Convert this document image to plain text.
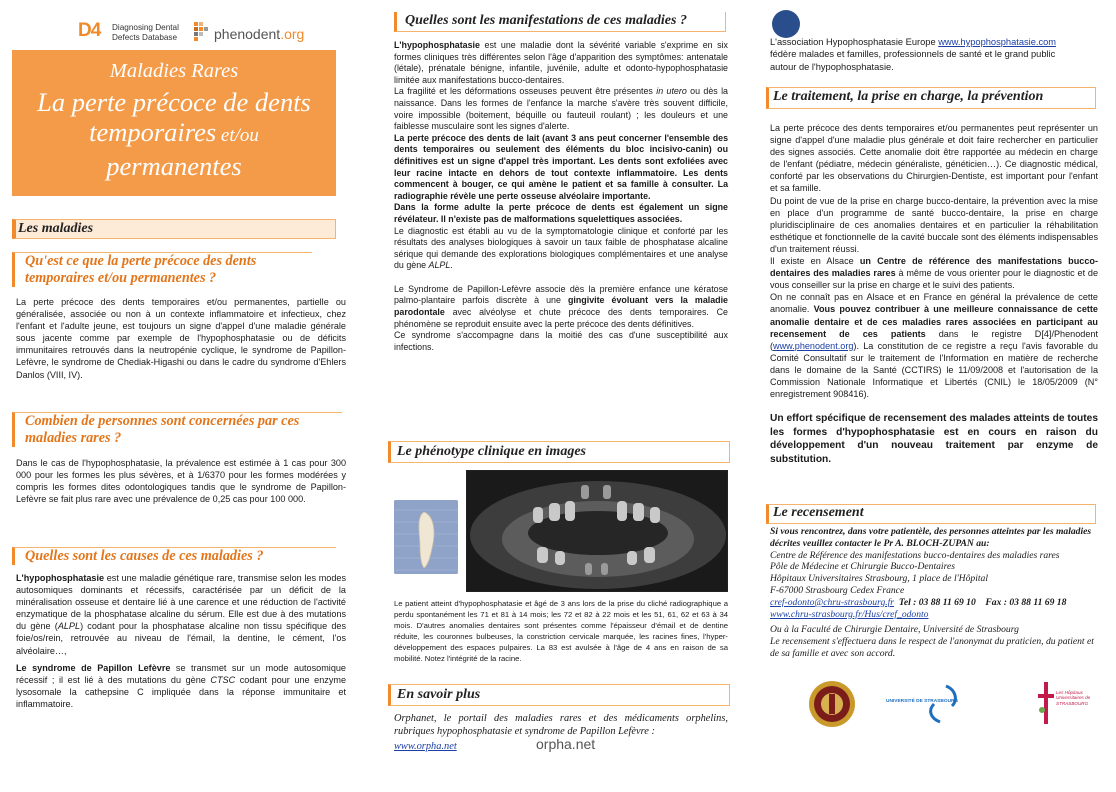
D4 Diagnosing Dental Defects Database	phenodent.org
Maladies Rares
La perte précoce de dents
temporaires et/ou
permanentes
Les maladies
Qu'est ce que la perte précoce des dents temporaires et/ou permanentes ?
La perte précoce des dents temporaires et/ou permanentes, partielle ou généralisée, associée ou non à un contexte inflammatoire et infectieux, chez l'enfant et l'adulte jeune, est toujours un signe d'appel d'une maladie générale sous jacente comme par exemple de l'hypophosphatasie ou de déficits immunitaires retrouvés dans la neutropénie cyclique, le syndrome de Papillon-Lefèvre, le syndrome de Chediak-Higashi ou dans le cadre du syndrome d'Ehlers Danlos (VIII, IV).
Combien de personnes sont concernées par ces maladies rares ?
Dans le cas de l'hypophosphatasie, la prévalence est estimée à 1 cas pour 300 000 pour les formes les plus sévères, et à 1/6370 pour les formes modérées y compris les formes dites odontologiques tandis que le syndrome de Papillon-Lefèvre se fait plus rare avec une prévalence de 0,25 cas pour 100 000.
Quelles sont les causes de ces maladies ?

L'hypophosphatasie est une maladie génétique rare, transmise selon les modes autosomiques dominants et récessifs, caractérisée par un déficit de la minéralisation osseuse et dentaire lié à une carence et une réduction de l'activité enzymatique de la phosphatase alcaline du sérum. Elle est due à des mutations du gène (ALPL) codant pour la phosphatase alcaline non tissu spécifique des foie/os/rein, retrouvée au niveau de l'émail, la dentine, le cément, l'os alvéolaire…,

Le syndrome de Papillon Lefèvre se transmet sur un mode autosomique récessif ; il est lié à des mutations du gène CTSC codant pour une enzyme lysosomale la cathepsine C impliquée dans la réponse immunitaire et inflammatoire.

Quelles sont les manifestations de ces maladies ?

L'hypophosphatasie est une maladie dont la sévérité variable s'exprime en six formes cliniques très différentes selon l'âge d'apparition des symptômes: antenatale (létale), prénatale bénigne, infantile, juvénile, adulte et odonto-hypophosphatasie limitée aux manifestations bucco-dentaires.

La fragilité et les déformations osseuses peuvent être présentes in utero ou dès la naissance. Dans les formes de l'enfance la marche s'avère très souvent difficile, voire impossible (boitement, béquille ou fauteuil roulant) ; les douleurs et une faiblesse musculaire sont les signes d'alerte.

La perte précoce des dents de lait (avant 3 ans peut concerner l'ensemble des dents temporaires ou seulement des éléments du bloc incisivo-canin) ou définitives est un signe d'appel très important. Les dents sont exfoliées avec leur racine intacte en dehors de tout contexte inflammatoire. Les dents commencent à bouger, ce qui amène le patient et sa famille à consulter. La radiographie révèle une perte osseuse alvéolaire importante.

Dans la forme adulte la perte précoce de dents est également un signe révélateur. Il n'existe pas de malformations squelettiques associées.

Le diagnostic est établi au vu de la symptomatologie clinique et conforté par les résultats des analyses biologiques à savoir un taux faible de phosphatase alcaline sérique qui demande des explorations biologiques complémentaires et une analyse du gène ALPL.

Le Syndrome de Papillon-Lefèvre associe dès la première enfance une kératose palmo-plantaire parfois discrète à une gingivite évoluant vers la maladie parodontale avec alvéolyse et chute précoce des dents temporaires. Ce phénomène se reproduit ensuite avec la perte précoce des dents définitives.

Ce syndrome s'accompagne dans la moitié des cas d'une susceptibilité aux infections.

Le phénotype clinique en images
Le patient atteint d'hypophosphatasie et âgé de 3 ans lors de la prise du cliché radiographique a perdu spontanément les 71 et 81 à 14 mois; les 72 et 82 à 22 mois et les 51, 61, 62 et 63 à 34 mois. D'autres anomalies dentaires sont présentes comme l'épaisseur d'émail et de dentine réduite, les couronnes bulbeuses, la constriction cervicale marquée, les racines fines, l'hyper-développement des espaces pulpaires. La 83 est avulsée à l'âge de 4 ans en raison de sa mobilité. Notez l'intégrité de la racine.
En savoir plus
Orphanet, le portail des maladies rares et des médicaments orphelins, rubriques hypophosphatasie et syndrome de Papillon Lefèvre :
www.orpha.net	orpha.net
L'association Hypophosphatasie Europe www.hypophosphatasie.com fédère malades et familles, professionnels de santé et le grand public autour de l'hypophosphatasie.
Le traitement, la prise en charge, la prévention

La perte précoce des dents temporaires et/ou permanentes peut représenter un signe d'appel d'une maladie plus générale et doit faire rechercher en particulier des signes associés. Cette anomalie doit être rapportée au médecin en charge de l'enfant (pédiatre, médecin généraliste, généticien…). Ce diagnostic médical, conforté par les observations du Chirurgien-Dentiste, est important pour l'enfant et sa famille.

Du point de vue de la prise en charge bucco-dentaire, la prévention avec la mise en place d'un programme de santé bucco-dentaire, la prise en charge pluridisciplinaire de ces anomalies dentaires et en particulier la réhabilitation esthétique et fonctionnelle de la cavité buccale sont des éléments indispensables d'un traitement réussi.

Il existe en Alsace un Centre de référence des manifestations bucco-dentaires des maladies rares à même de vous orienter pour le diagnostic et de vous conseiller sur la prise en charge et le suivi des patients.

On ne connaît pas en Alsace et en France en général la prévalence de cette anomalie. Vous pouvez contribuer à une meilleure connaissance de cette anomalie dentaire et de ces maladies rares associées en participant au recensement de ces patients dans le registre D[4]/Phenodent (www.phenodent.org). La constitution de ce registre a reçu l'avis favorable du Comité Consultatif sur le traitement de l'Information en matière de recherche dans le domaine de la Santé (CCTIRS) le 11/09/2008 et l'autorisation de la Commission Nationale Informatique et Libertés (CNIL) le 18/05/2009 (N° enregistrement 908416).

Un effort spécifique de recensement des malades atteints de toutes les formes d'hypophosphatasie est en cours en raison du développement d'un nouveau traitement par enzyme de substitution.

Le recensement

Si vous rencontrez, dans votre patientèle, des personnes atteintes par les maladies décrites veuillez contacter le Pr A. BLOCH-ZUPAN au:

Centre de Référence des manifestations bucco-dentaires des maladies rares

Pôle de Médecine et Chirurgie Bucco-Dentaires

Hôpitaux Universitaires Strasbourg, 1 place de l'Hôpital

F-67000 Strasbourg Cedex France

cref-odonto@chru-strasbourg.fr Tel : 03 88 11 69 10 Fax : 03 88 11 69 18

www.chru-strasbourg.fr/Hus/cref_odonto

Ou à la Faculté de Chirurgie Dentaire, Université de Strasbourg

Le recensement s'effectuera dans le respect de l'anonymat du praticien, du patient et de sa famille et avec son accord.

UNIVERSITÉ DE STRASBOURG
Les Hôpitaux Universitaires de STRASBOURG
